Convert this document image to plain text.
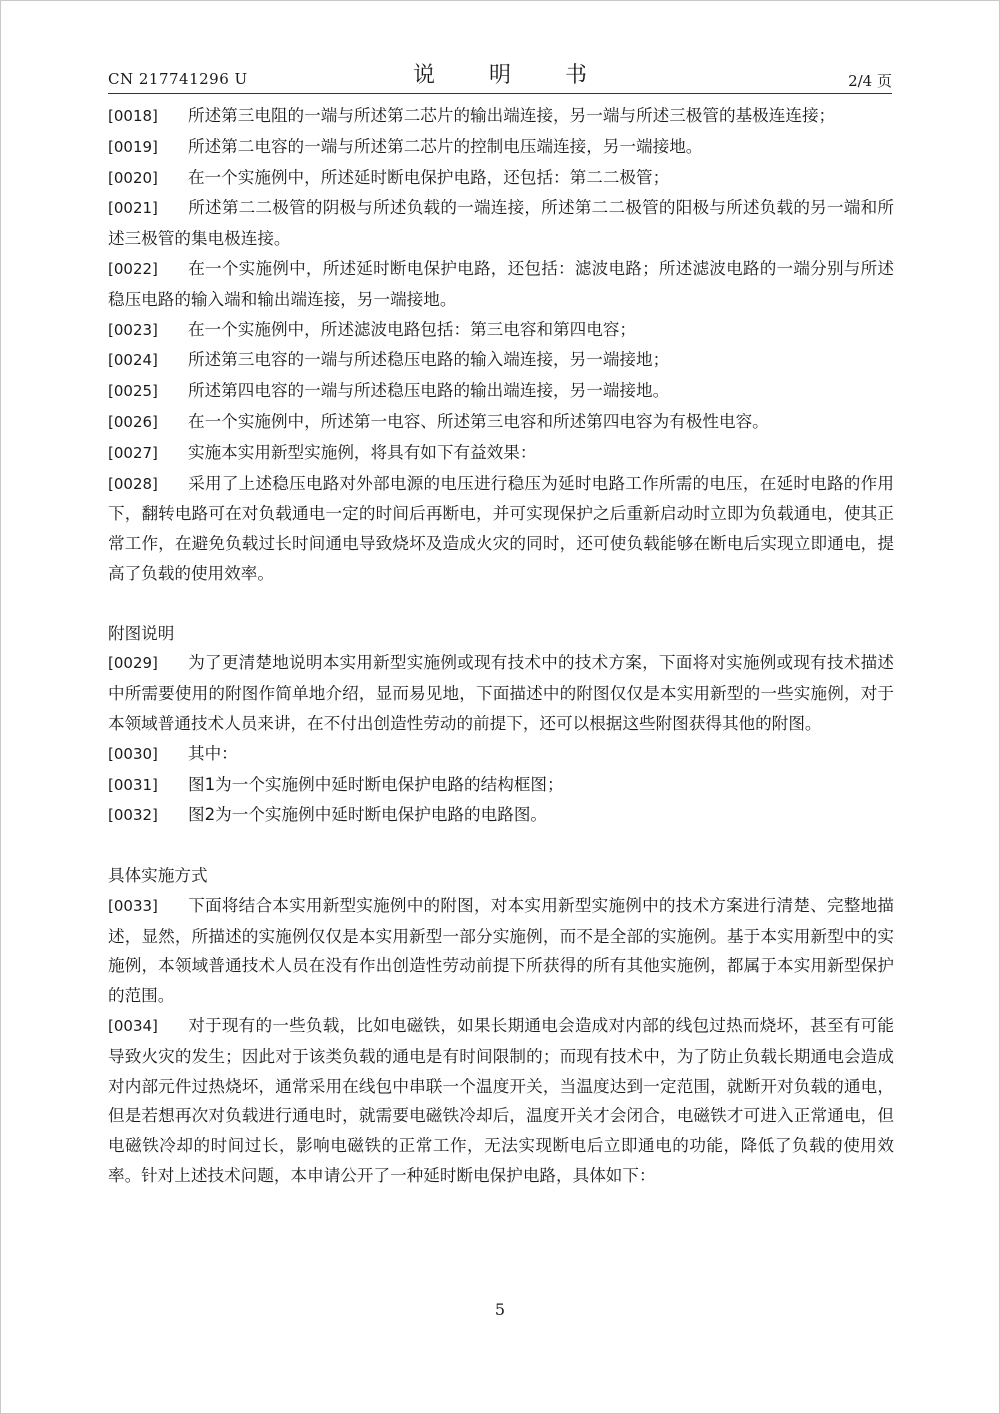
CN 217741296 U	说　明　书	2/4 页

[0018] 所述第三电阻的一端与所述第二芯片的输出端连接，另一端与所述三极管的基极连连接；

[0019] 所述第二电容的一端与所述第二芯片的控制电压端连接，另一端接地。

[0020] 在一个实施例中，所述延时断电保护电路，还包括：第二二极管；

[0021] 所述第二二极管的阴极与所述负载的一端连接，所述第二二极管的阳极与所述负载的另一端和所述三极管的集电极连接。

[0022] 在一个实施例中，所述延时断电保护电路，还包括：滤波电路；所述滤波电路的一端分别与所述稳压电路的输入端和输出端连接，另一端接地。

[0023] 在一个实施例中，所述滤波电路包括：第三电容和第四电容；

[0024] 所述第三电容的一端与所述稳压电路的输入端连接，另一端接地；

[0025] 所述第四电容的一端与所述稳压电路的输出端连接，另一端接地。

[0026] 在一个实施例中，所述第一电容、所述第三电容和所述第四电容为有极性电容。

[0027] 实施本实用新型实施例，将具有如下有益效果：

[0028] 采用了上述稳压电路对外部电源的电压进行稳压为延时电路工作所需的电压，在延时电路的作用下，翻转电路可在对负载通电一定的时间后再断电，并可实现保护之后重新启动时立即为负载通电，使其正常工作，在避免负载过长时间通电导致烧坏及造成火灾的同时，还可使负载能够在断电后实现立即通电，提高了负载的使用效率。

附图说明

[0029] 为了更清楚地说明本实用新型实施例或现有技术中的技术方案，下面将对实施例或现有技术描述中所需要使用的附图作简单地介绍，显而易见地，下面描述中的附图仅仅是本实用新型的一些实施例，对于本领域普通技术人员来讲，在不付出创造性劳动的前提下，还可以根据这些附图获得其他的附图。

[0030] 其中：

[0031] 图1为一个实施例中延时断电保护电路的结构框图；

[0032] 图2为一个实施例中延时断电保护电路的电路图。

具体实施方式

[0033] 下面将结合本实用新型实施例中的附图，对本实用新型实施例中的技术方案进行清楚、完整地描述，显然，所描述的实施例仅仅是本实用新型一部分实施例，而不是全部的实施例。基于本实用新型中的实施例，本领域普通技术人员在没有作出创造性劳动前提下所获得的所有其他实施例，都属于本实用新型保护的范围。

[0034] 对于现有的一些负载，比如电磁铁，如果长期通电会造成对内部的线包过热而烧坏，甚至有可能导致火灾的发生；因此对于该类负载的通电是有时间限制的；而现有技术中，为了防止负载长期通电会造成对内部元件过热烧坏，通常采用在线包中串联一个温度开关，当温度达到一定范围，就断开对负载的通电，但是若想再次对负载进行通电时，就需要电磁铁冷却后，温度开关才会闭合，电磁铁才可进入正常通电，但电磁铁冷却的时间过长，影响电磁铁的正常工作，无法实现断电后立即通电的功能，降低了负载的使用效率。针对上述技术问题，本申请公开了一种延时断电保护电路，具体如下：

5
